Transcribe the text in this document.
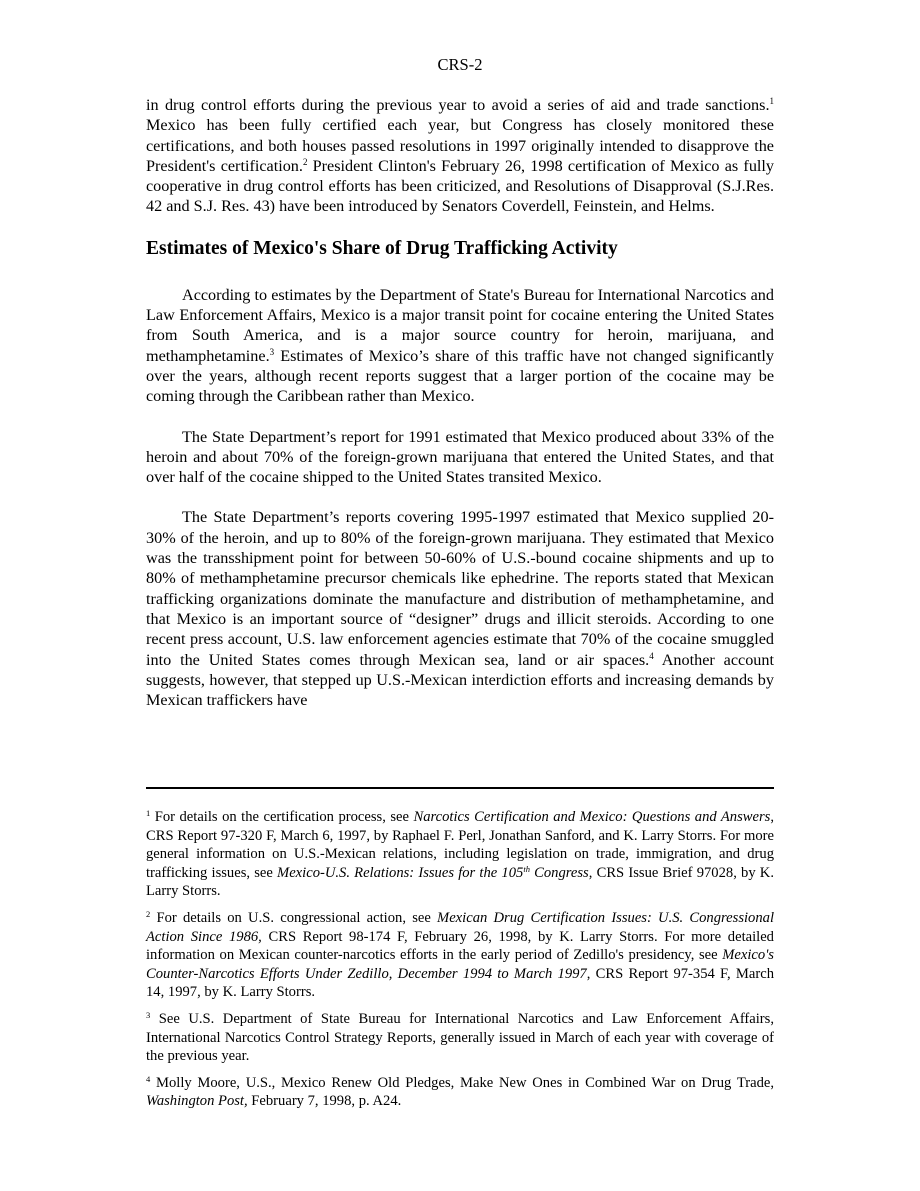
CRS-2

in drug control efforts during the previous year to avoid a series of aid and trade sanctions.$^1$ Mexico has been fully certified each year, but Congress has closely monitored these certifications, and both houses passed resolutions in 1997 originally intended to disapprove the President's certification.$^2$ President Clinton's February 26, 1998 certification of Mexico as fully cooperative in drug control efforts has been criticized, and Resolutions of Disapproval (S.J.Res. 42 and S.J. Res. 43) have been introduced by Senators Coverdell, Feinstein, and Helms.

Estimates of Mexico's Share of Drug Trafficking Activity

According to estimates by the Department of State's Bureau for International Narcotics and Law Enforcement Affairs, Mexico is a major transit point for cocaine entering the United States from South America, and is a major source country for heroin, marijuana, and methamphetamine.$^3$ Estimates of Mexico’s share of this traffic have not changed significantly over the years, although recent reports suggest that a larger portion of the cocaine may be coming through the Caribbean rather than Mexico.

The State Department’s report for 1991 estimated that Mexico produced about 33% of the heroin and about 70% of the foreign-grown marijuana that entered the United States, and that over half of the cocaine shipped to the United States transited Mexico.

The State Department’s reports covering 1995-1997 estimated that Mexico supplied 20-30% of the heroin, and up to 80% of the foreign-grown marijuana. They estimated that Mexico was the transshipment point for between 50-60% of U.S.-bound cocaine shipments and up to 80% of methamphetamine precursor chemicals like ephedrine. The reports stated that Mexican trafficking organizations dominate the manufacture and distribution of methamphetamine, and that Mexico is an important source of “designer” drugs and illicit steroids. According to one recent press account, U.S. law enforcement agencies estimate that 70% of the cocaine smuggled into the United States comes through Mexican sea, land or air spaces.$^4$ Another account suggests, however, that stepped up U.S.-Mexican interdiction efforts and increasing demands by Mexican traffickers have

$^1$ For details on the certification process, see Narcotics Certification and Mexico: Questions and Answers, CRS Report 97-320 F, March 6, 1997, by Raphael F. Perl, Jonathan Sanford, and K. Larry Storrs. For more general information on U.S.-Mexican relations, including legislation on trade, immigration, and drug trafficking issues, see Mexico-U.S. Relations: Issues for the 105th Congress, CRS Issue Brief 97028, by K. Larry Storrs.

$^2$ For details on U.S. congressional action, see Mexican Drug Certification Issues: U.S. Congressional Action Since 1986, CRS Report 98-174 F, February 26, 1998, by K. Larry Storrs. For more detailed information on Mexican counter-narcotics efforts in the early period of Zedillo's presidency, see Mexico's Counter-Narcotics Efforts Under Zedillo, December 1994 to March 1997, CRS Report 97-354 F, March 14, 1997, by K. Larry Storrs.

$^3$ See U.S. Department of State Bureau for International Narcotics and Law Enforcement Affairs, International Narcotics Control Strategy Reports, generally issued in March of each year with coverage of the previous year.

$^4$ Molly Moore, U.S., Mexico Renew Old Pledges, Make New Ones in Combined War on Drug Trade, Washington Post, February 7, 1998, p. A24.
